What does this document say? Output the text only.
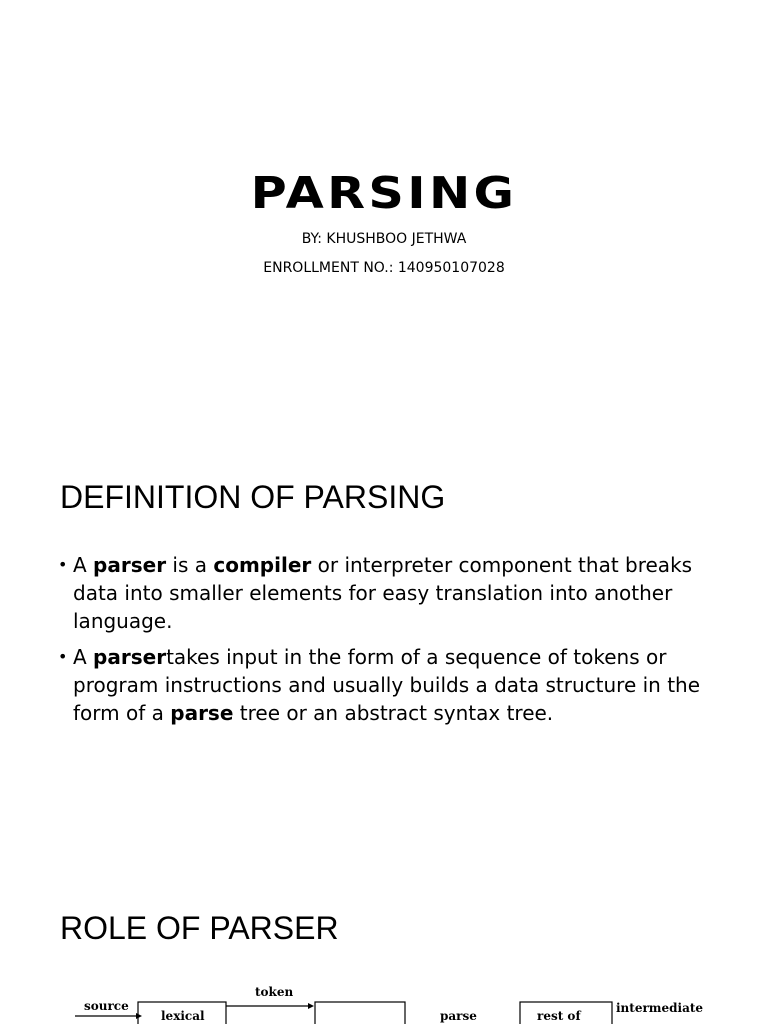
PARSING
BY: KHUSHBOO JETHWA
ENROLLMENT NO.: 140950107028
DEFINITION OF PARSING
• A parser is a compiler or interpreter component that breaks data into smaller elements for easy translation into another language.
• A parsertakes input in the form of a sequence of tokens or program instructions and usually builds a data structure in the form of a parse tree or an abstract syntax tree.
ROLE OF PARSER
source
lexical
token
parse	rest of
intermediate
